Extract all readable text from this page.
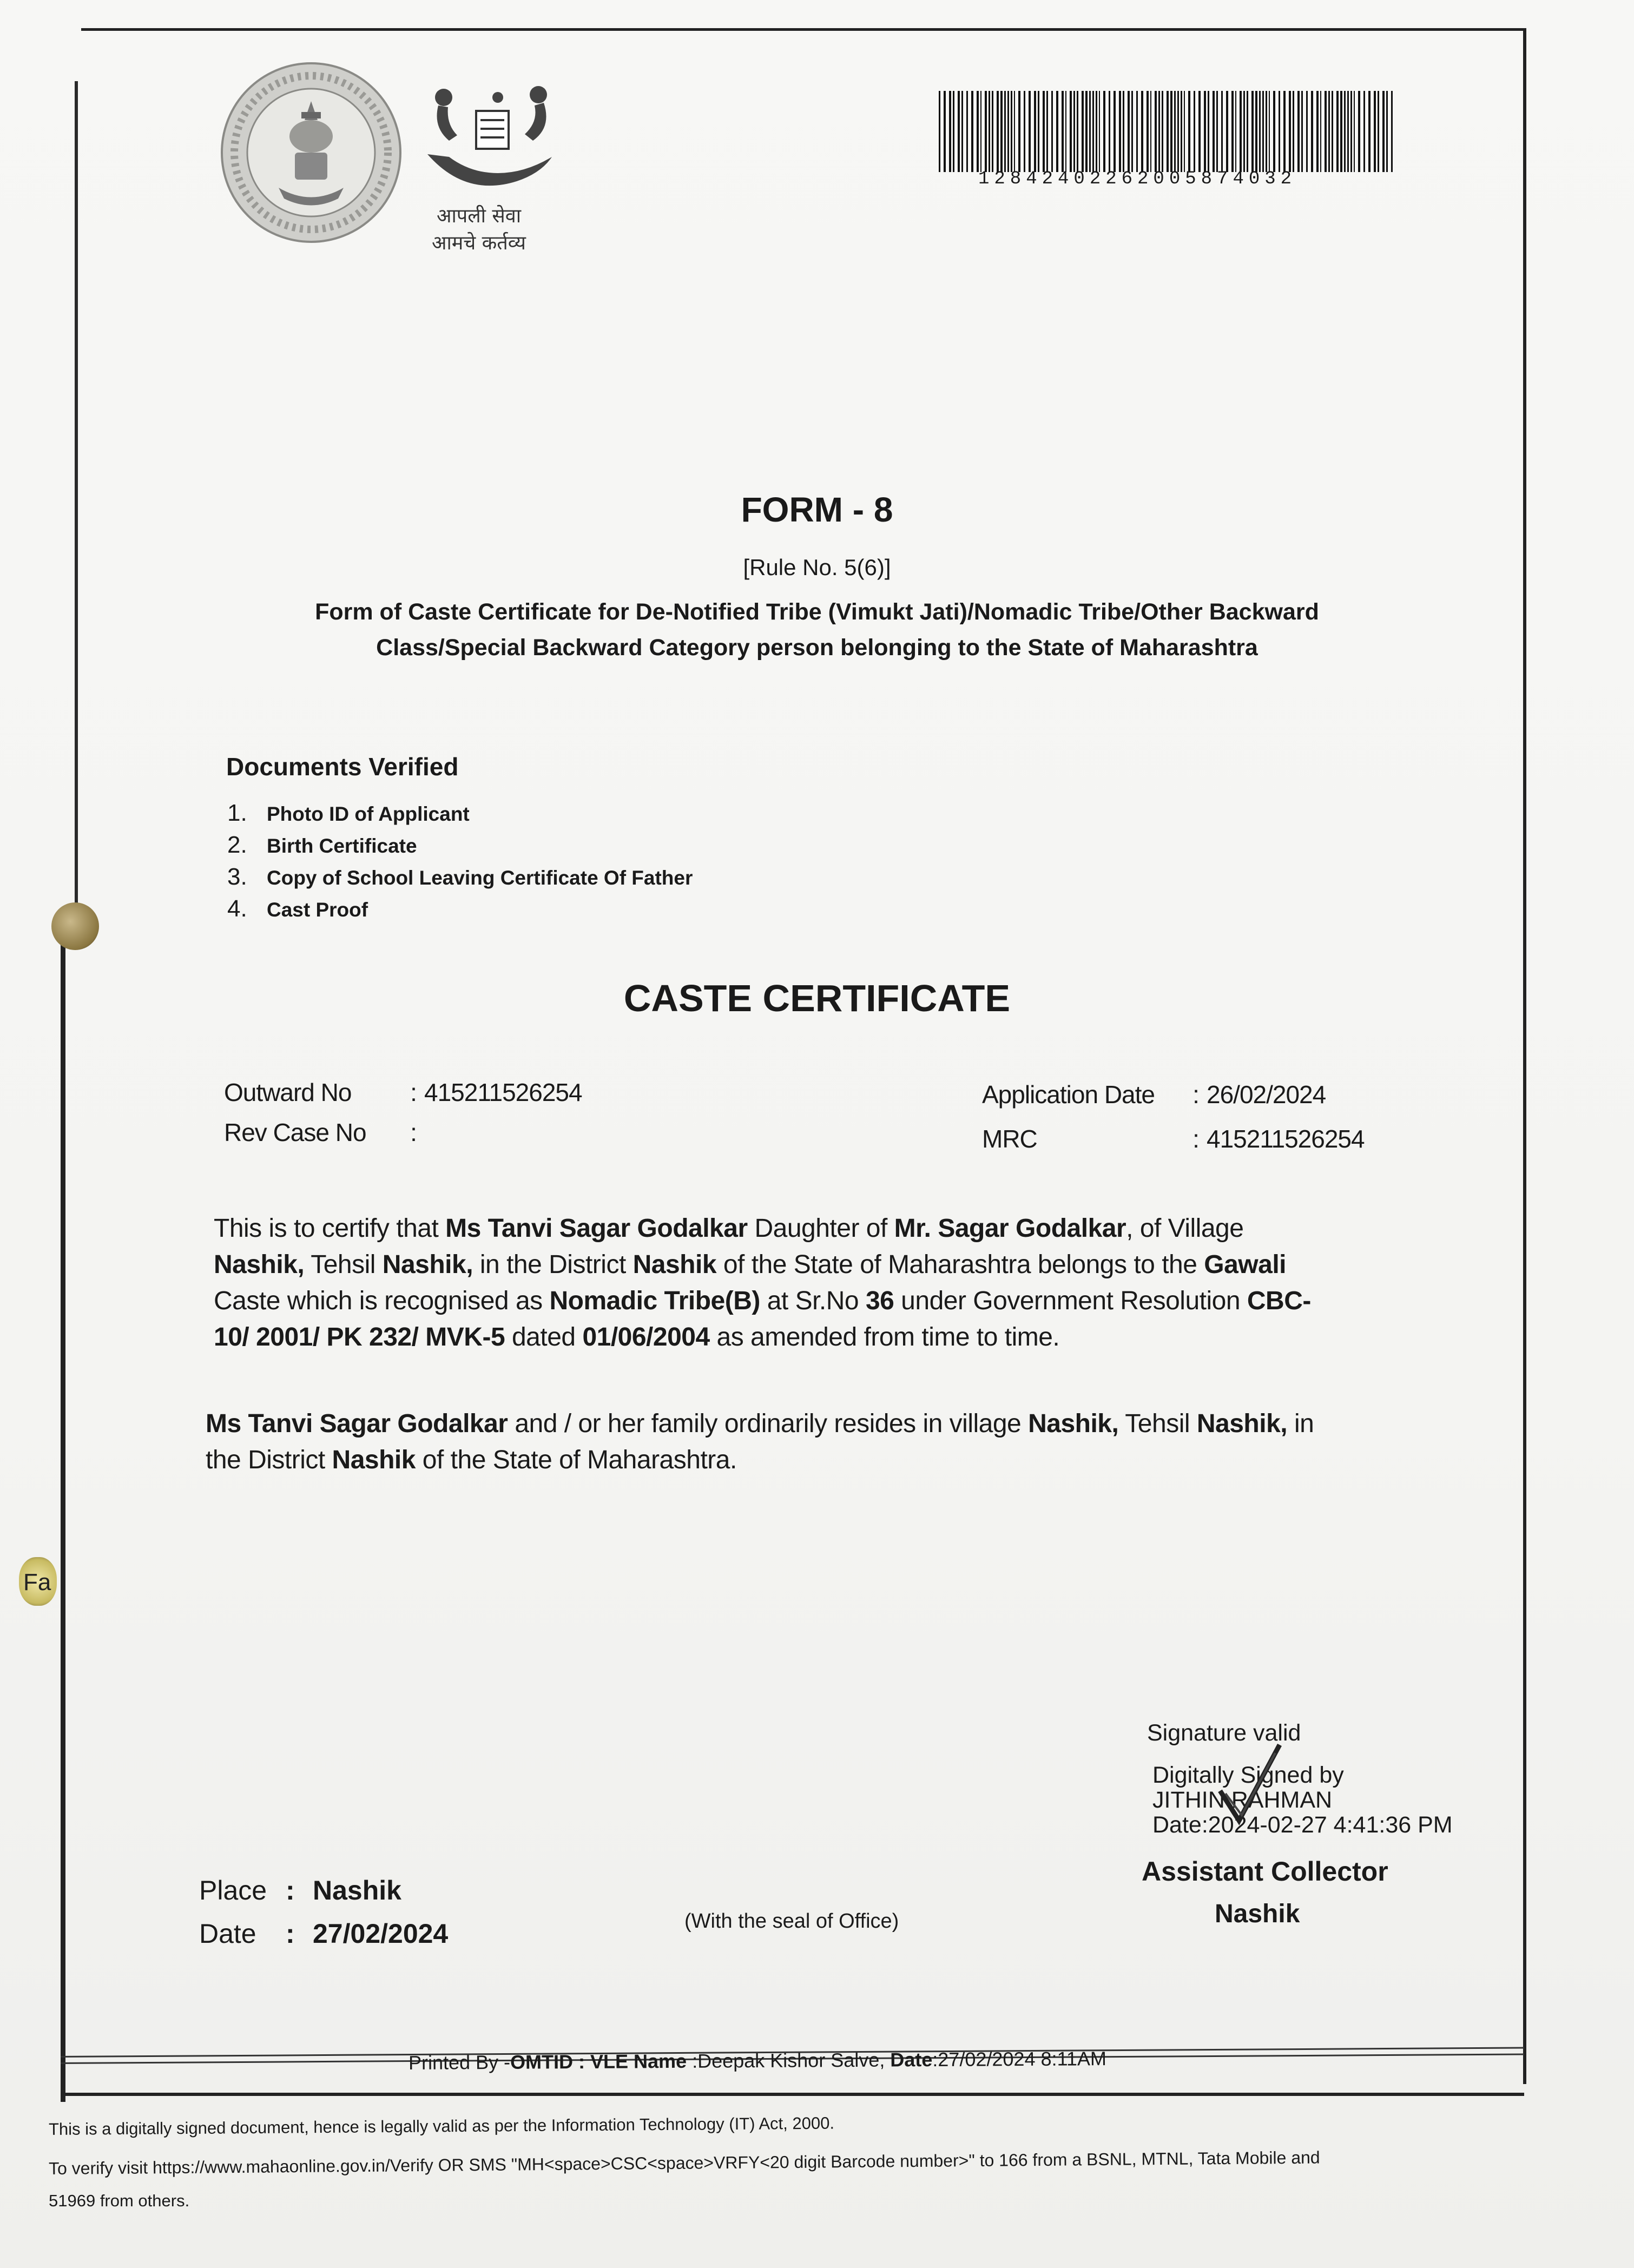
Fa
आपली सेवा
आमचे कर्तव्य
12842402262005874032
FORM - 8
[Rule No. 5(6)]
Form of Caste Certificate for De-Notified Tribe (Vimukt Jati)/Nomadic Tribe/Other Backward
Class/Special Backward Category person belonging to the State of Maharashtra
Documents Verified
1. Photo ID of Applicant
2. Birth Certificate
3. Copy of School Leaving Certificate Of Father
4. Cast Proof
CASTE CERTIFICATE
Outward No : 415211526254
Rev Case No :
Application Date : 26/02/2024
MRC	: 415211526254
This is to certify that Ms Tanvi Sagar Godalkar Daughter of Mr. Sagar Godalkar, of Village
Nashik, Tehsil Nashik, in the District Nashik of the State of Maharashtra belongs to the Gawali
Caste which is recognised as Nomadic Tribe(B) at Sr.No 36 under Government Resolution CBC-
10/ 2001/ PK 232/ MVK-5 dated 01/06/2004 as amended from time to time.
Ms Tanvi Sagar Godalkar and / or her family ordinarily resides in village Nashik, Tehsil Nashik, in
the District Nashik of the State of Maharashtra.
Signature valid
Digitally Signed by
JITHIN RAHMAN
Date:2024-02-27 4:41:36 PM
Assistant Collector
Nashik
Place : Nashik
Date : 27/02/2024	(With the seal of Office)
Printed By -OMTID : VLE Name :Deepak Kishor Salve, Date:27/02/2024 8:11AM
This is a digitally signed document, hence is legally valid as per the Information Technology (IT) Act, 2000.
To verify visit https://www.mahaonline.gov.in/Verify OR SMS "MH<space>CSC<space>VRFY<20 digit Barcode number>" to 166 from a BSNL, MTNL, Tata Mobile and
51969 from others.
